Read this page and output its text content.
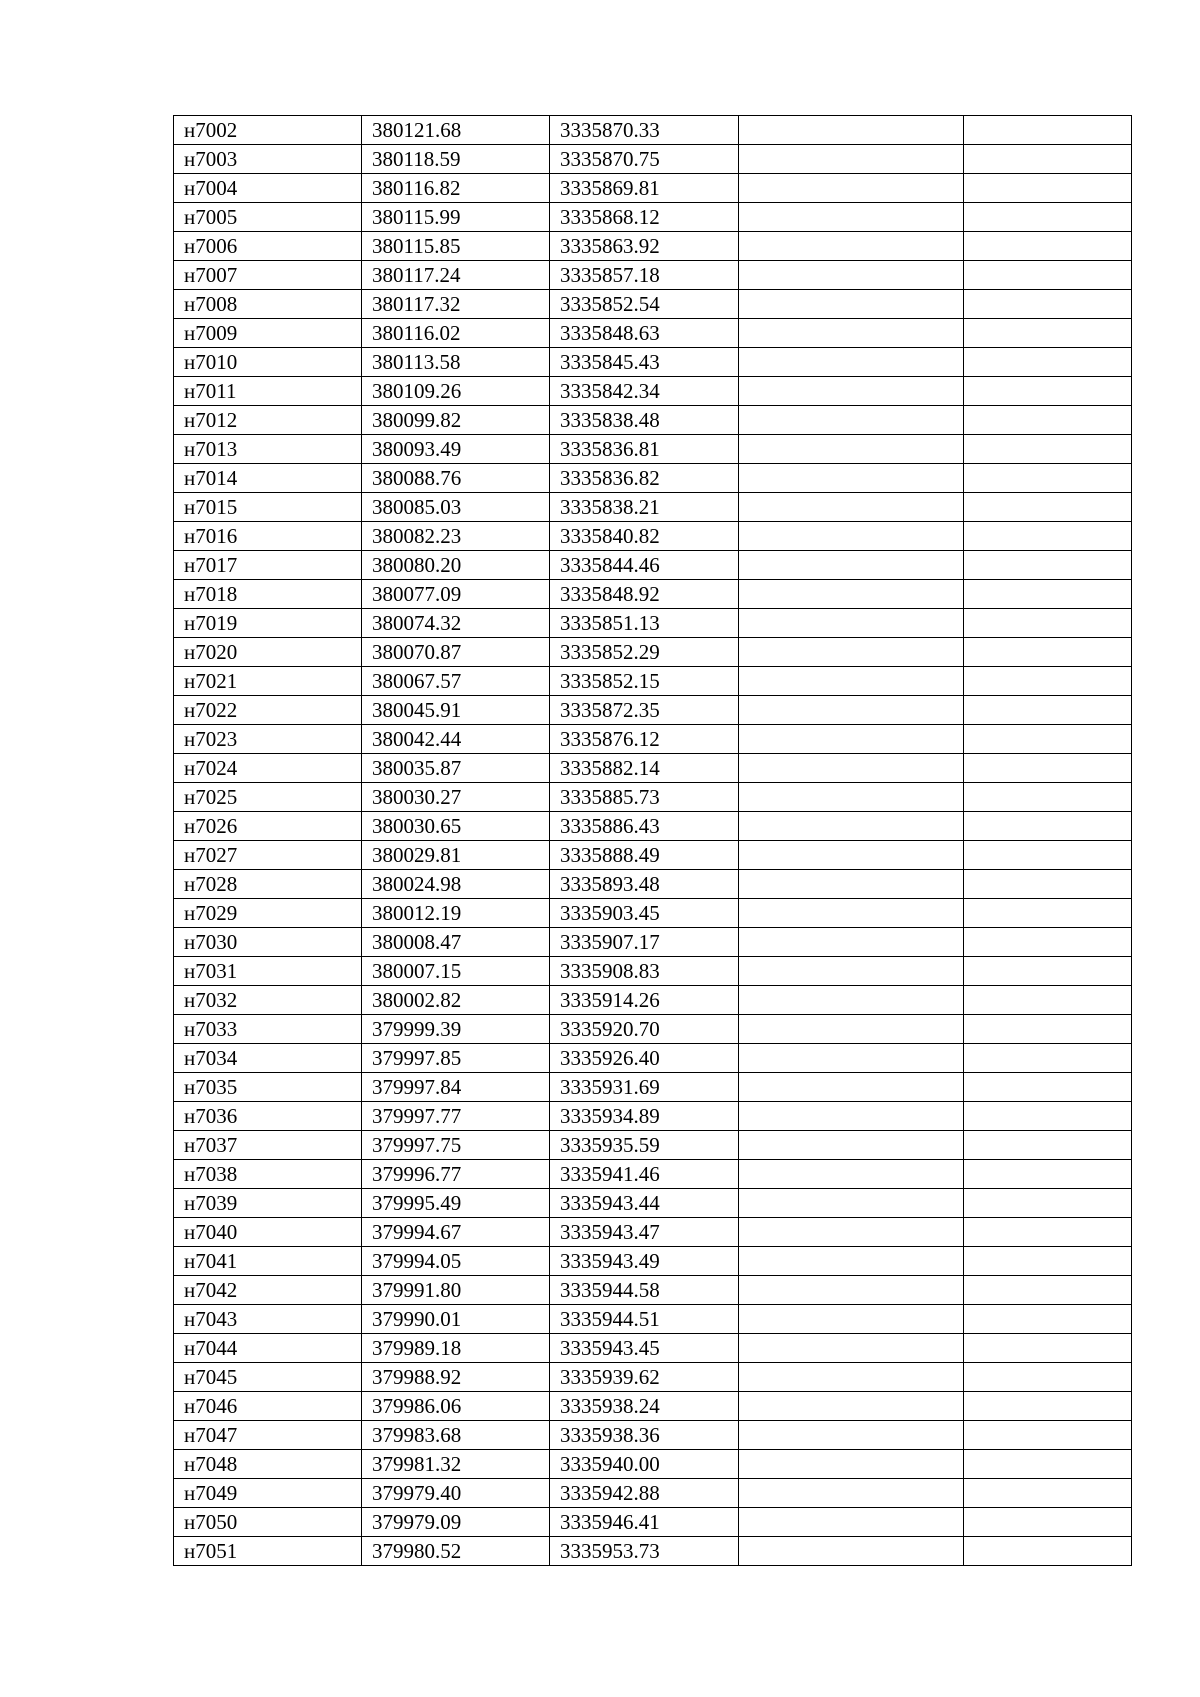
н7002	380121.68	3335870.33		
н7003	380118.59	3335870.75		
н7004	380116.82	3335869.81		
н7005	380115.99	3335868.12		
н7006	380115.85	3335863.92		
н7007	380117.24	3335857.18		
н7008	380117.32	3335852.54		
н7009	380116.02	3335848.63		
н7010	380113.58	3335845.43		
н7011	380109.26	3335842.34		
н7012	380099.82	3335838.48		
н7013	380093.49	3335836.81		
н7014	380088.76	3335836.82		
н7015	380085.03	3335838.21		
н7016	380082.23	3335840.82		
н7017	380080.20	3335844.46		
н7018	380077.09	3335848.92		
н7019	380074.32	3335851.13		
н7020	380070.87	3335852.29		
н7021	380067.57	3335852.15		
н7022	380045.91	3335872.35		
н7023	380042.44	3335876.12		
н7024	380035.87	3335882.14		
н7025	380030.27	3335885.73		
н7026	380030.65	3335886.43		
н7027	380029.81	3335888.49		
н7028	380024.98	3335893.48		
н7029	380012.19	3335903.45		
н7030	380008.47	3335907.17		
н7031	380007.15	3335908.83		
н7032	380002.82	3335914.26		
н7033	379999.39	3335920.70		
н7034	379997.85	3335926.40		
н7035	379997.84	3335931.69		
н7036	379997.77	3335934.89		
н7037	379997.75	3335935.59		
н7038	379996.77	3335941.46		
н7039	379995.49	3335943.44		
н7040	379994.67	3335943.47		
н7041	379994.05	3335943.49		
н7042	379991.80	3335944.58		
н7043	379990.01	3335944.51		
н7044	379989.18	3335943.45		
н7045	379988.92	3335939.62		
н7046	379986.06	3335938.24		
н7047	379983.68	3335938.36		
н7048	379981.32	3335940.00		
н7049	379979.40	3335942.88		
н7050	379979.09	3335946.41		
н7051	379980.52	3335953.73		
